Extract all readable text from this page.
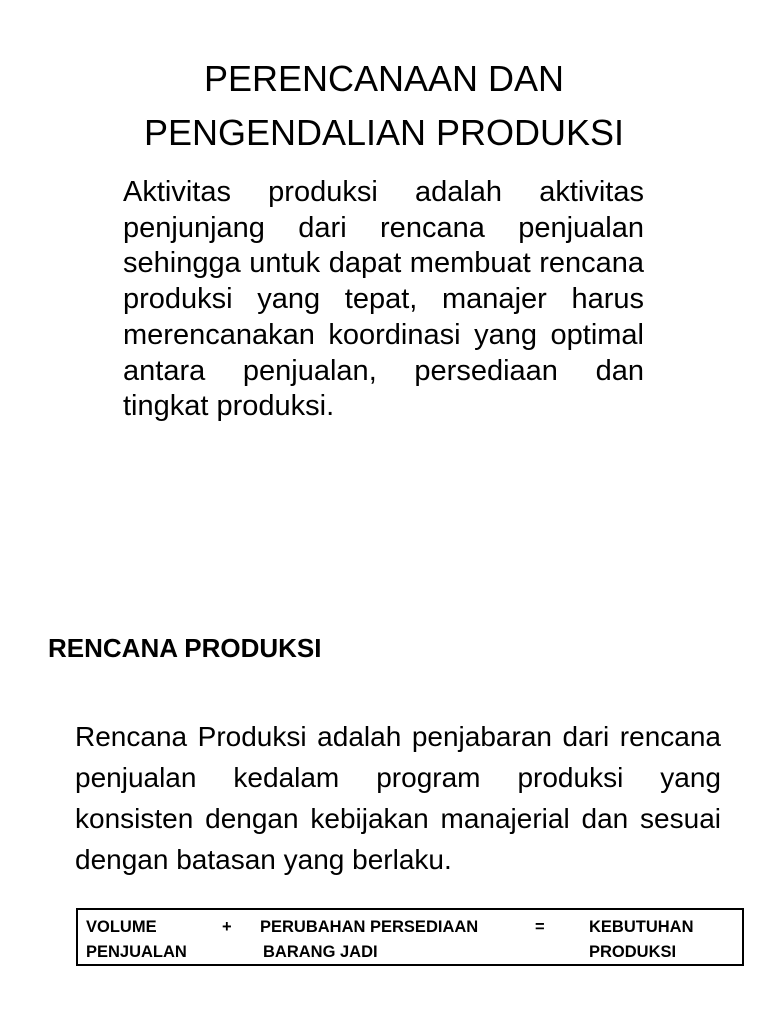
PERENCANAAN DAN
PENGENDALIAN PRODUKSI

Aktivitas produksi adalah aktivitas penjunjang dari rencana penjualan sehingga untuk dapat membuat rencana produksi yang tepat, manajer harus merencanakan koordinasi yang optimal antara penjualan, persediaan dan tingkat produksi.

RENCANA PRODUKSI

Rencana Produksi adalah penjabaran dari rencana penjualan kedalam program produksi yang konsisten dengan kebijakan manajerial dan sesuai dengan batasan yang berlaku.

VOLUME
PENJUALAN
+ PERUBAHAN PERSEDIAAN
BARANG JADI
=	KEBUTUHAN
PRODUKSI
